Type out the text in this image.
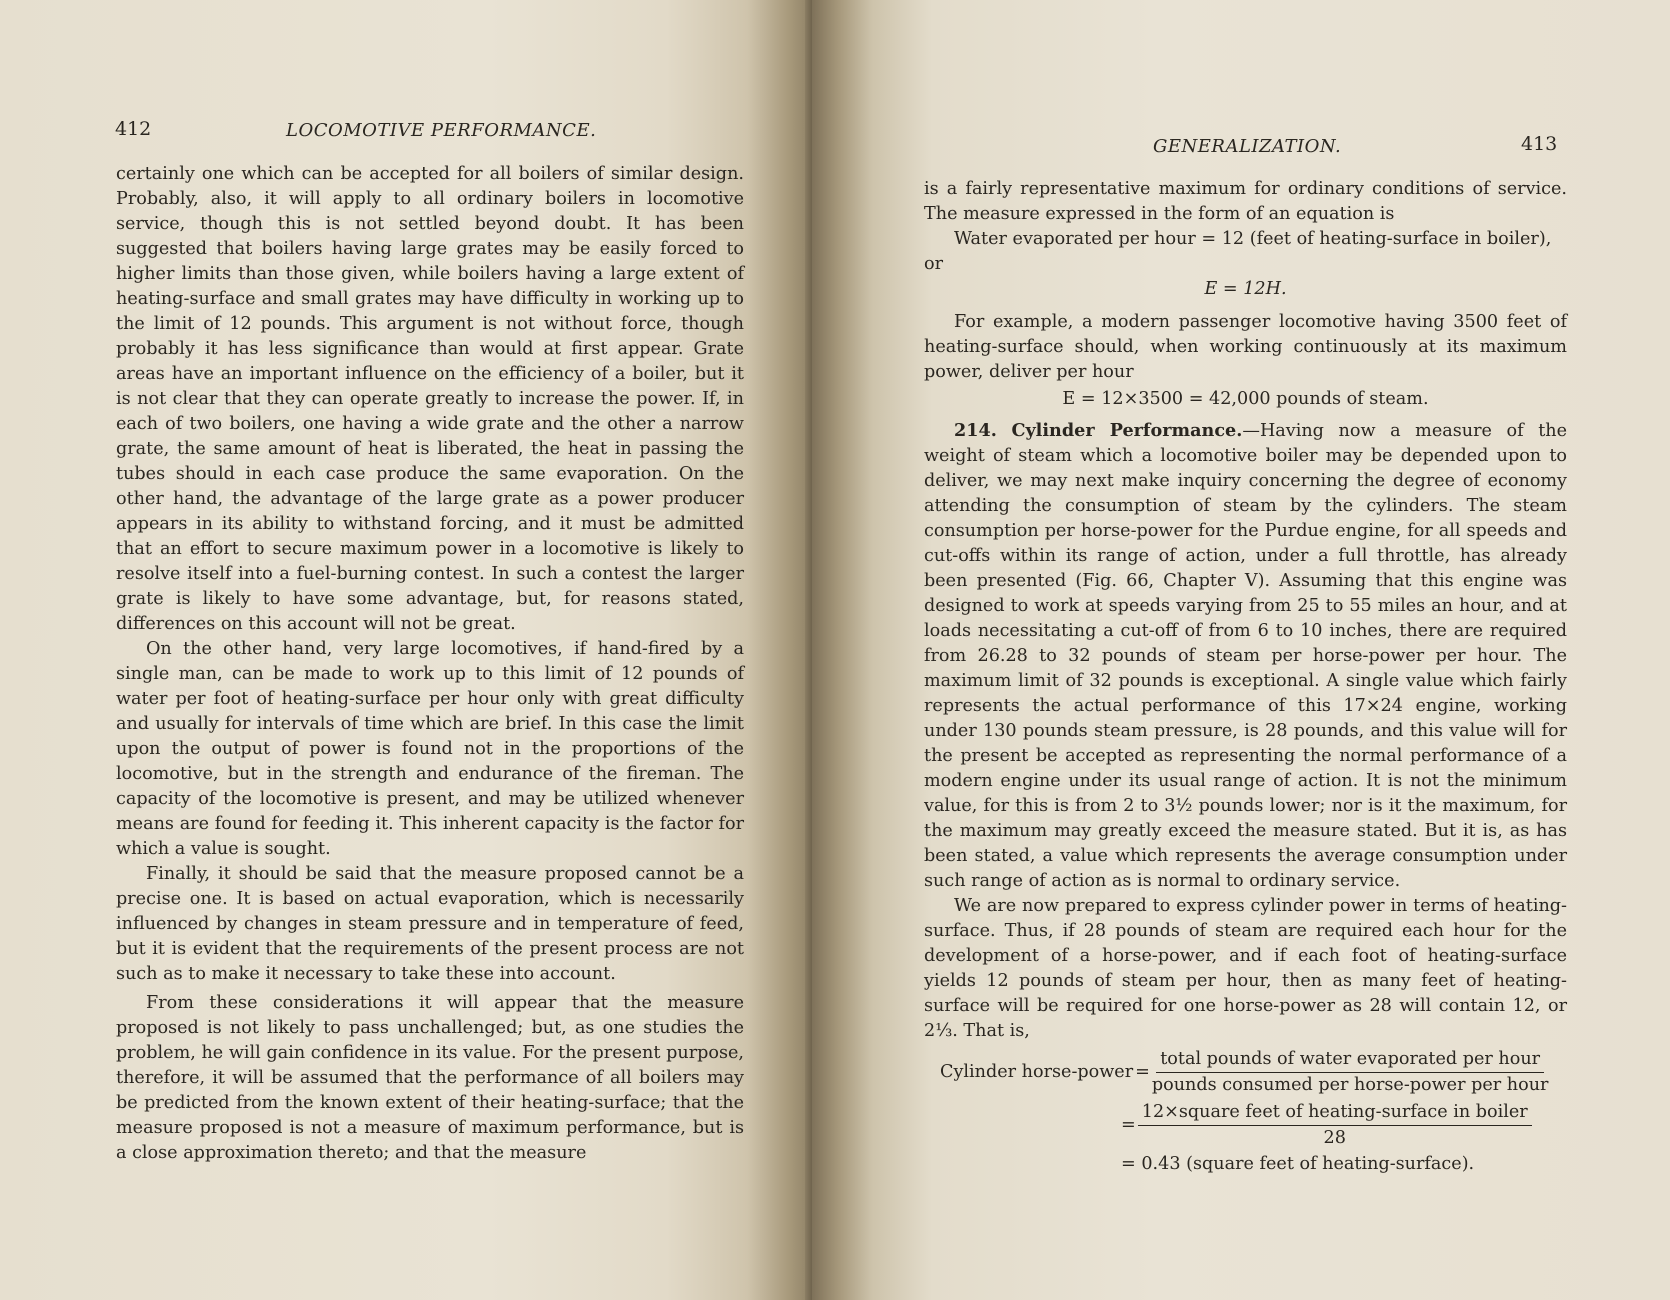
412	LOCOMOTIVE PERFORMANCE.

certainly one which can be accepted for all boilers of similar design. Probably, also, it will apply to all ordinary boilers in locomotive service, though this is not settled beyond doubt. It has been suggested that boilers having large grates may be easily forced to higher limits than those given, while boilers having a large extent of heating-surface and small grates may have difficulty in working up to the limit of 12 pounds. This argument is not without force, though probably it has less significance than would at first appear. Grate areas have an important influence on the efficiency of a boiler, but it is not clear that they can operate greatly to increase the power. If, in each of two boilers, one having a wide grate and the other a narrow grate, the same amount of heat is liberated, the heat in passing the tubes should in each case produce the same evaporation. On the other hand, the advantage of the large grate as a power producer appears in its ability to withstand forcing, and it must be admitted that an effort to secure maximum power in a locomotive is likely to resolve itself into a fuel-burning contest. In such a contest the larger grate is likely to have some advantage, but, for reasons stated, differences on this account will not be great.

On the other hand, very large locomotives, if hand-fired by a single man, can be made to work up to this limit of 12 pounds of water per foot of heating-surface per hour only with great difficulty and usually for intervals of time which are brief. In this case the limit upon the output of power is found not in the proportions of the locomotive, but in the strength and endurance of the fireman. The capacity of the locomotive is present, and may be utilized whenever means are found for feeding it. This inherent capacity is the factor for which a value is sought.

Finally, it should be said that the measure proposed cannot be a precise one. It is based on actual evaporation, which is necessarily influenced by changes in steam pressure and in temperature of feed, but it is evident that the requirements of the present process are not such as to make it necessary to take these into account.

From these considerations it will appear that the measure proposed is not likely to pass unchallenged; but, as one studies the problem, he will gain confidence in its value. For the present purpose, therefore, it will be assumed that the performance of all boilers may be predicted from the known extent of their heating-surface; that the measure proposed is not a measure of maximum performance, but is a close approximation thereto; and that the measure

GENERALIZATION.	413

is a fairly representative maximum for ordinary conditions of service. The measure expressed in the form of an equation is

Water evaporated per hour = 12 (feet of heating-surface in boiler), or

E = 12H.

For example, a modern passenger locomotive having 3500 feet of heating-surface should, when working continuously at its maximum power, deliver per hour

E = 12×3500 = 42,000 pounds of steam.

214. Cylinder Performance.—Having now a measure of the weight of steam which a locomotive boiler may be depended upon to deliver, we may next make inquiry concerning the degree of economy attending the consumption of steam by the cylinders. The steam consumption per horse-power for the Purdue engine, for all speeds and cut-offs within its range of action, under a full throttle, has already been presented (Fig. 66, Chapter V). Assuming that this engine was designed to work at speeds varying from 25 to 55 miles an hour, and at loads necessitating a cut-off of from 6 to 10 inches, there are required from 26.28 to 32 pounds of steam per horse-power per hour. The maximum limit of 32 pounds is exceptional. A single value which fairly represents the actual performance of this 17×24 engine, working under 130 pounds steam pressure, is 28 pounds, and this value will for the present be accepted as representing the normal performance of a modern engine under its usual range of action. It is not the minimum value, for this is from 2 to 3½ pounds lower; nor is it the maximum, for the maximum may greatly exceed the measure stated. But it is, as has been stated, a value which represents the average consumption under such range of action as is normal to ordinary service.

We are now prepared to express cylinder power in terms of heating-surface. Thus, if 28 pounds of steam are required each hour for the development of a horse-power, and if each foot of heating-surface yields 12 pounds of steam per hour, then as many feet of heating-surface will be required for one horse-power as 28 will contain 12, or 2⅓. That is,

Cylinder horse-power = $\frac{\text{total pounds of water evaporated per hour}}{\text{pounds consumed per horse-power per hour}}$
= $\frac{\text{12×square feet of heating-surface in boiler}}{28}$
= 0.43 (square feet of heating-surface).
